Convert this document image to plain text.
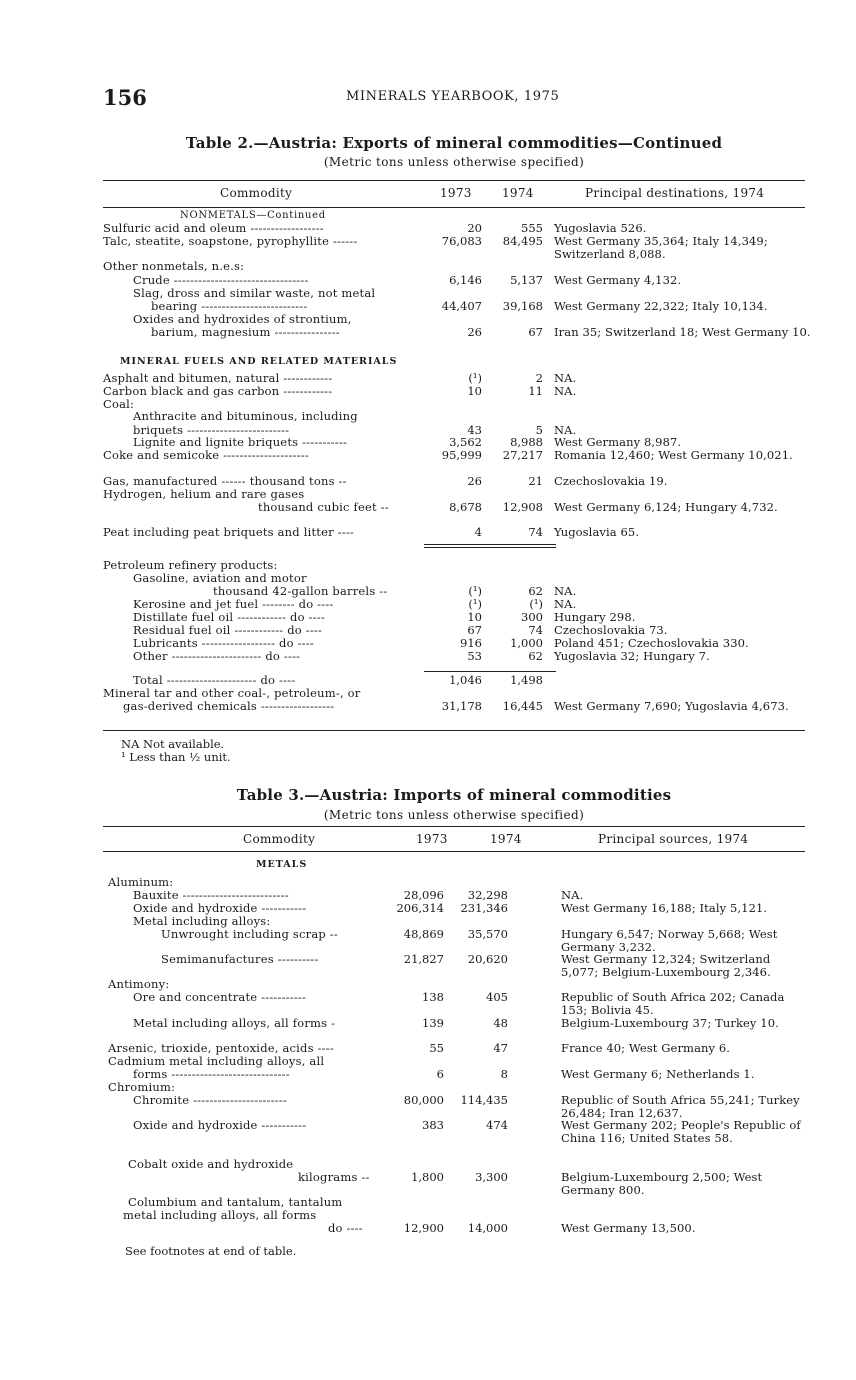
156	MINERALS YEARBOOK, 1975
Table 2.—Austria: Exports of mineral commodities—Continued
(Metric tons unless otherwise specified)
Commodity	1973	1974	Principal destinations, 1974
NONMETALS—Continued
Sulfuric acid and oleum ------------------	20	555 Yugoslavia 526.
Talc, steatite, soapstone, pyrophyllite ------	76,083	84,495 West Germany 35,364; Italy 14,349; Switzerland 8,088.
Other nonmetals, n.e.s:
Crude ---------------------------------	6,146	5,137 West Germany 4,132.
Slag, dross and similar waste, not metal
bearing --------------------------	44,407	39,168 West Germany 22,322; Italy 10,134.
Oxides and hydroxides of strontium,
barium, magnesium ----------------	26	67 Iran 35; Switzerland 18; West Germany 10.
MINERAL FUELS AND RELATED MATERIALS
Asphalt and bitumen, natural ------------	(¹)	2 NA.
Carbon black and gas carbon ------------	10	11 NA.
Coal:
Anthracite and bituminous, including
briquets -------------------------	43	5 NA.
Lignite and lignite briquets -----------	3,562	8,988 West Germany 8,987.
Coke and semicoke ---------------------	95,999	27,217 Romania 12,460; West Germany 10,021.
Gas, manufactured ------ thousand tons --	26	21 Czechoslovakia 19.
Hydrogen, helium and rare gases
thousand cubic feet --	8,678	12,908 West Germany 6,124; Hungary 4,732.
Peat including peat briquets and litter ----	4	74 Yugoslavia 65.
Petroleum refinery products:
Gasoline, aviation and motor
thousand 42-gallon barrels --	(¹)	62 NA.
Kerosine and jet fuel -------- do ----	(¹)	(¹) NA.
Distillate fuel oil ------------ do ----	10	300 Hungary 298.
Residual fuel oil ------------ do ----	67	74 Czechoslovakia 73.
Lubricants ------------------ do ----	916	1,000 Poland 451; Czechoslovakia 330.
Other ---------------------- do ----	53	62 Yugoslavia 32; Hungary 7.
Total ---------------------- do ----	1,046	1,498
Mineral tar and other coal-, petroleum-, or
gas-derived chemicals ------------------	31,178	16,445 West Germany 7,690; Yugoslavia 4,673.
NA Not available.
¹ Less than ½ unit.
Table 3.—Austria: Imports of mineral commodities
(Metric tons unless otherwise specified)
Commodity	1973	1974	Principal sources, 1974
METALS
Aluminum:
Bauxite --------------------------	28,096	32,298	NA.
Oxide and hydroxide -----------	206,314	231,346	West Germany 16,188; Italy 5,121.
Metal including alloys:
Unwrought including scrap --	48,869	35,570	Hungary 6,547; Norway 5,668; West Germany 3,232.
Semimanufactures ----------	21,827	20,620	West Germany 12,324; Switzerland 5,077; Belgium-Luxembourg 2,346.
Antimony:
Ore and concentrate -----------	138	405	Republic of South Africa 202; Canada 153; Bolivia 45.
Metal including alloys, all forms -	139	48	Belgium-Luxembourg 37; Turkey 10.
Arsenic, trioxide, pentoxide, acids ----	55	47	France 40; West Germany 6.
Cadmium metal including alloys, all
forms -----------------------------	6	8	West Germany 6; Netherlands 1.
Chromium:
Chromite -----------------------	80,000	114,435	Republic of South Africa 55,241; Turkey 26,484; Iran 12,637.
Oxide and hydroxide -----------	383	474	West Germany 202; People's Republic of China 116; United States 58.
Cobalt oxide and hydroxide
kilograms --	1,800	3,300	Belgium-Luxembourg 2,500; West Germany 800.
Columbium and tantalum, tantalum
metal including alloys, all forms
do ----	12,900	14,000	West Germany 13,500.
See footnotes at end of table.
